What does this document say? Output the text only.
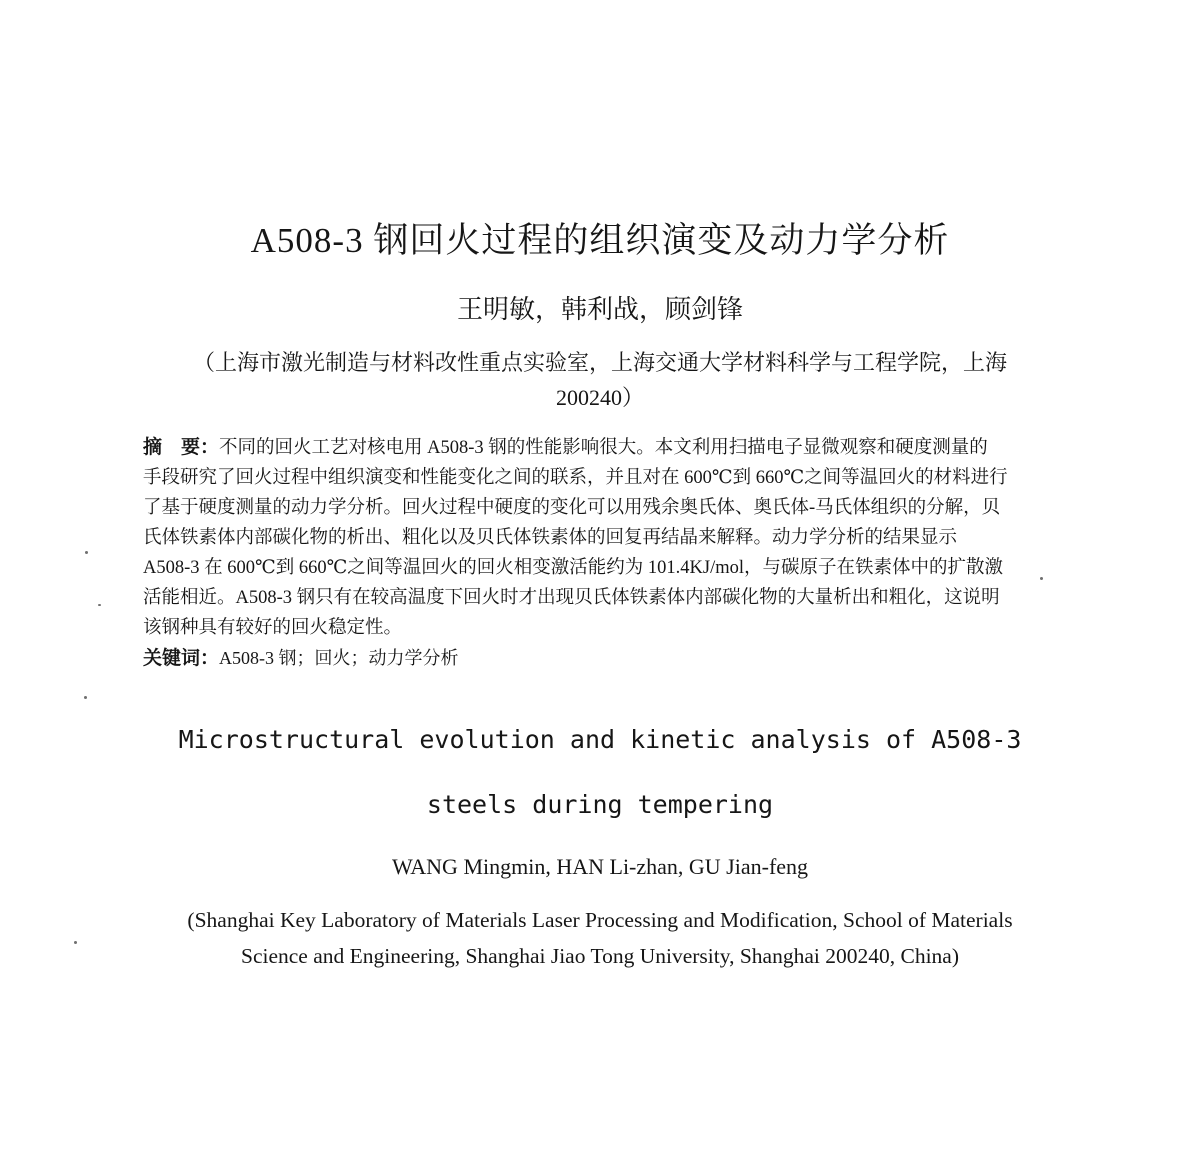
A508-3 钢回火过程的组织演变及动力学分析
王明敏，韩利战，顾剑锋
（上海市激光制造与材料改性重点实验室，上海交通大学材料科学与工程学院，上海
200240）
摘　要：不同的回火工艺对核电用 A508-3 钢的性能影响很大。本文利用扫描电子显微观察和硬度测量的
手段研究了回火过程中组织演变和性能变化之间的联系，并且对在 600℃到 660℃之间等温回火的材料进行
了基于硬度测量的动力学分析。回火过程中硬度的变化可以用残余奥氏体、奥氏体-马氏体组织的分解，贝
氏体铁素体内部碳化物的析出、粗化以及贝氏体铁素体的回复再结晶来解释。动力学分析的结果显示
A508-3 在 600℃到 660℃之间等温回火的回火相变激活能约为 101.4KJ/mol，与碳原子在铁素体中的扩散激
活能相近。A508-3 钢只有在较高温度下回火时才出现贝氏体铁素体内部碳化物的大量析出和粗化，这说明
该钢种具有较好的回火稳定性。
关键词：A508-3 钢；回火；动力学分析
Microstructural evolution and kinetic analysis of A508-3
steels during tempering
WANG Mingmin, HAN Li-zhan, GU Jian-feng
(Shanghai Key Laboratory of Materials Laser Processing and Modification, School of Materials
Science and Engineering, Shanghai Jiao Tong University, Shanghai 200240, China)
